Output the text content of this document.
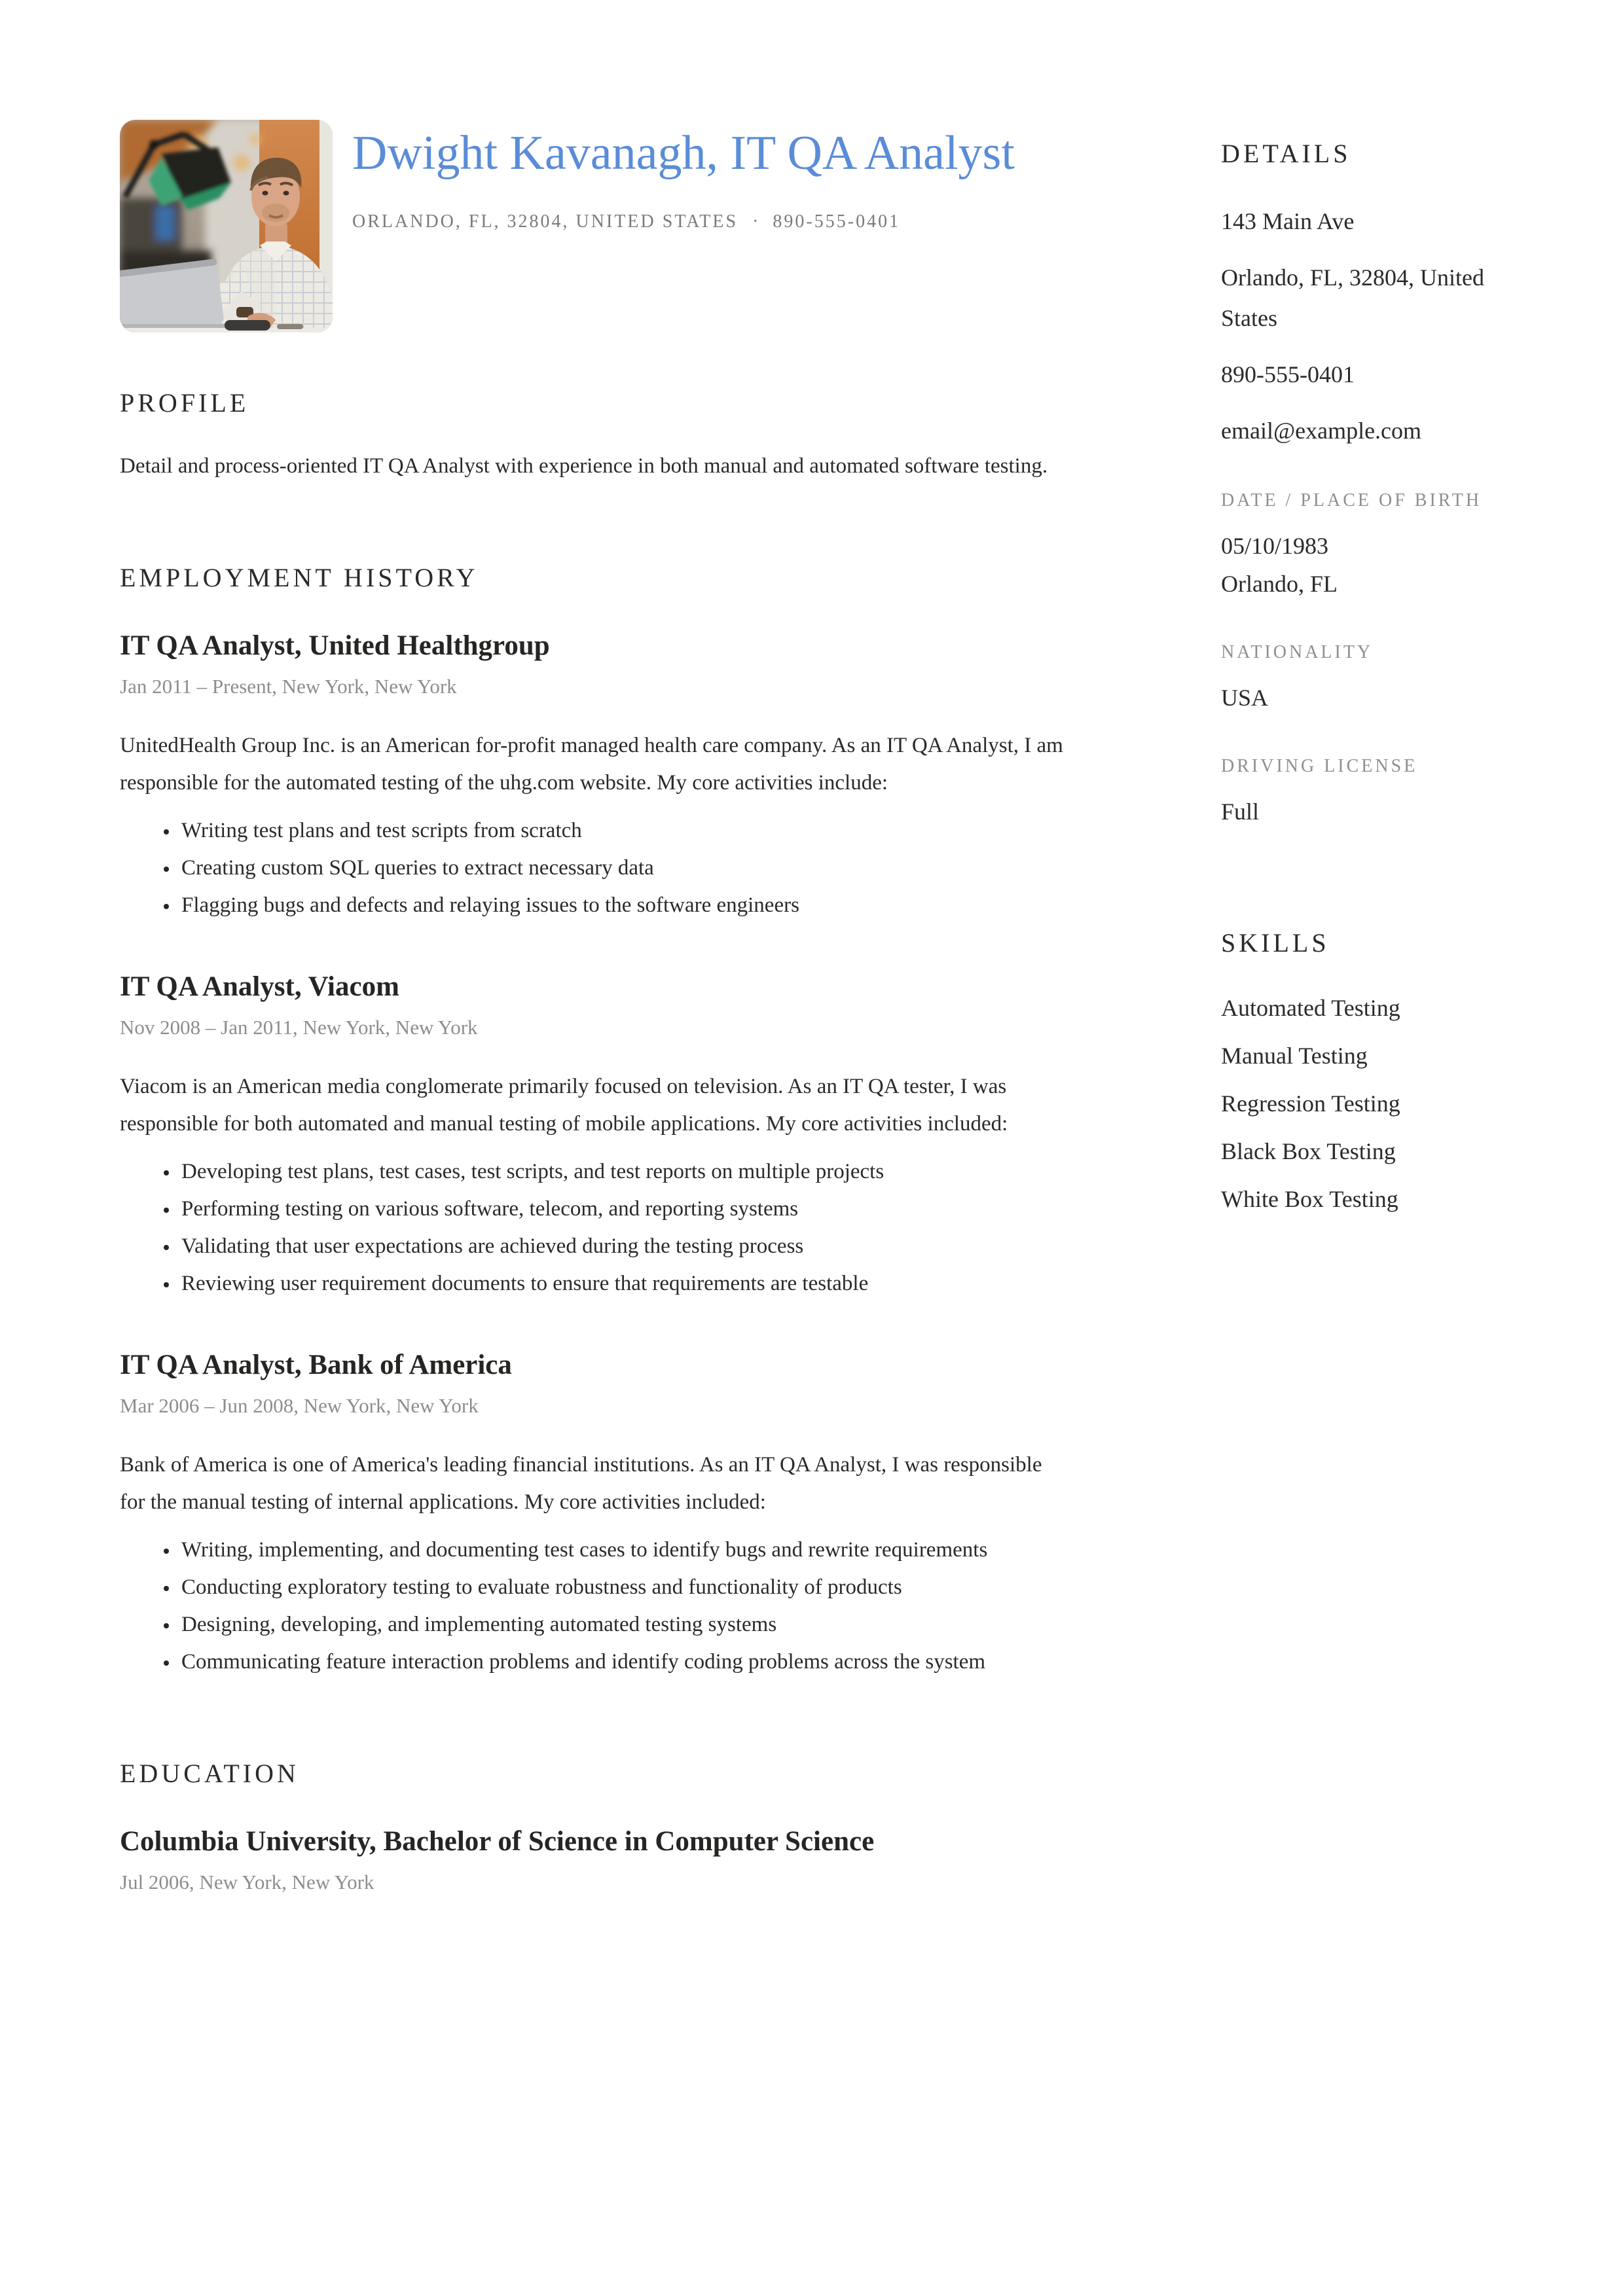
Dwight Kavanagh, IT QA Analyst
ORLANDO, FL, 32804, UNITED STATES · 890-555-0401
PROFILE
Detail and process-oriented IT QA Analyst with experience in both manual and automated software testing.
EMPLOYMENT HISTORY
IT QA Analyst, United Healthgroup
Jan 2011 – Present, New York, New York
UnitedHealth Group Inc. is an American for-profit managed health care company. As an IT QA Analyst, I am responsible for the automated testing of the uhg.com website. My core activities include:
• Writing test plans and test scripts from scratch
• Creating custom SQL queries to extract necessary data
• Flagging bugs and defects and relaying issues to the software engineers
IT QA Analyst, Viacom
Nov 2008 – Jan 2011, New York, New York
Viacom is an American media conglomerate primarily focused on television. As an IT QA tester, I was responsible for both automated and manual testing of mobile applications. My core activities included:
• Developing test plans, test cases, test scripts, and test reports on multiple projects
• Performing testing on various software, telecom, and reporting systems
• Validating that user expectations are achieved during the testing process
• Reviewing user requirement documents to ensure that requirements are testable
IT QA Analyst, Bank of America
Mar 2006 – Jun 2008, New York, New York
Bank of America is one of America's leading financial institutions. As an IT QA Analyst, I was responsible for the manual testing of internal applications. My core activities included:
• Writing, implementing, and documenting test cases to identify bugs and rewrite requirements
• Conducting exploratory testing to evaluate robustness and functionality of products
• Designing, developing, and implementing automated testing systems
• Communicating feature interaction problems and identify coding problems across the system
EDUCATION
Columbia University, Bachelor of Science in Computer Science
Jul 2006, New York, New York
DETAILS
143 Main Ave
Orlando, FL, 32804, United States
890-555-0401
email@example.com
DATE / PLACE OF BIRTH
05/10/1983
Orlando, FL
NATIONALITY
USA
DRIVING LICENSE
Full
SKILLS
Automated Testing
Manual Testing
Regression Testing
Black Box Testing
White Box Testing
